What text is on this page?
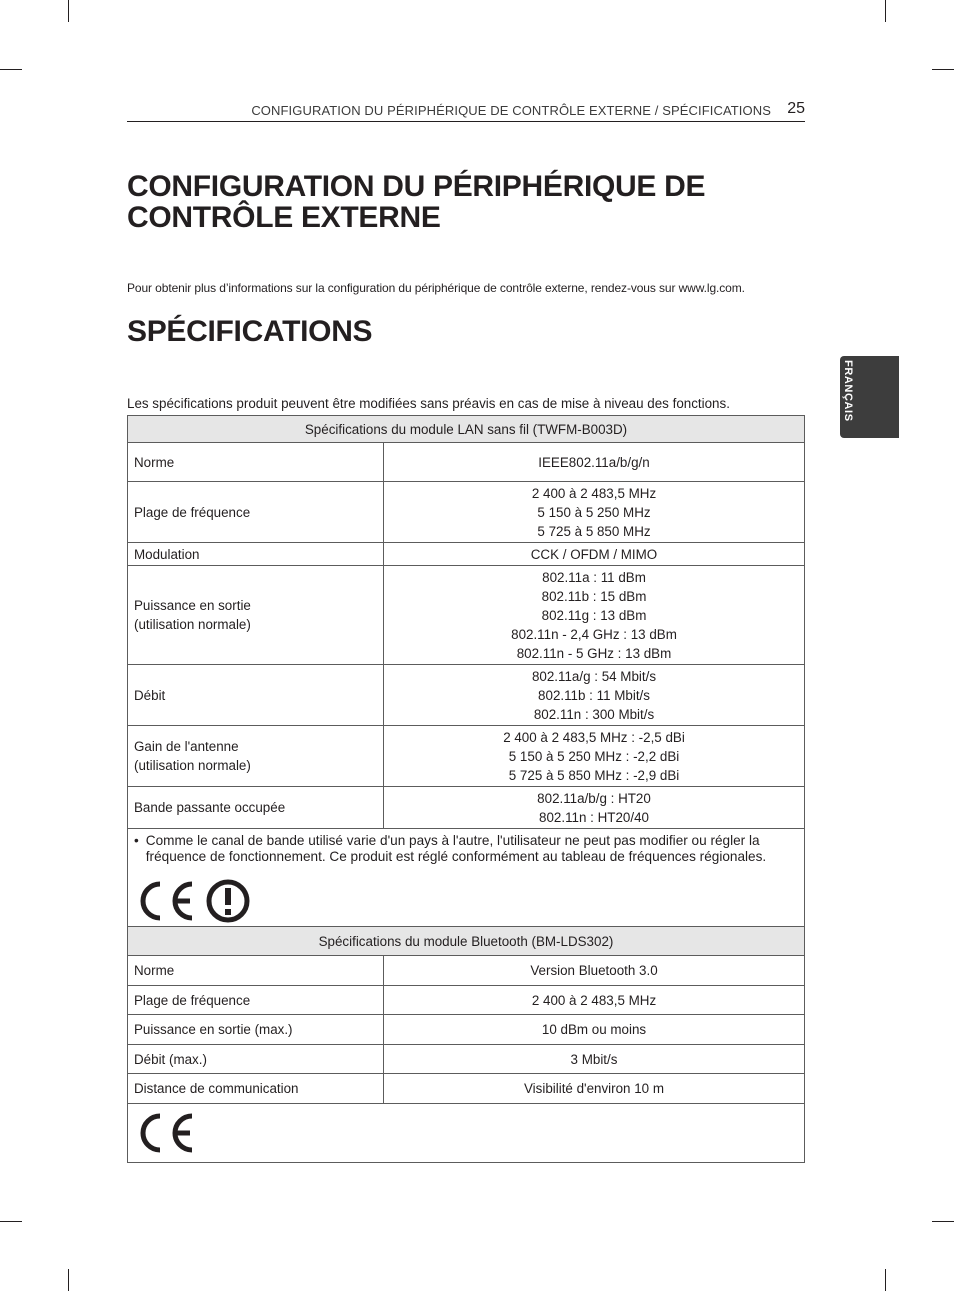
CONFIGURATION DU PÉRIPHÉRIQUE DE CONTRÔLE EXTERNE / SPÉCIFICATIONS 25
FRANÇAIS
CONFIGURATION DU PÉRIPHÉRIQUE DE
CONTRÔLE EXTERNE

Pour obtenir plus d’informations sur la configuration du périphérique de contrôle externe, rendez-vous sur www.lg.com.

SPÉCIFICATIONS

Les spécifications produit peuvent être modifiées sans préavis en cas de mise à niveau des fonctions.

Spécifications du module LAN sans fil (TWFM-B003D)	

Norme	IEEE802.11a/b/g/n

Plage de fréquence	2 400 à 2 483,5 MHz
5 150 à 5 250 MHz
5 725 à 5 850 MHz

Modulation	CCK / OFDM / MIMO

Puissance en sortie
(utilisation normale)	802.11a : 11 dBm
802.11b : 15 dBm
802.11g : 13 dBm
802.11n - 2,4 GHz : 13 dBm
802.11n - 5 GHz : 13 dBm

Débit	802.11a/g : 54 Mbit/s
802.11b : 11 Mbit/s
802.11n : 300 Mbit/s

Gain de l'antenne
(utilisation normale)	2 400 à 2 483,5 MHz : -2,5 dBi
5 150 à 5 250 MHz : -2,2 dBi
5 725 à 5 850 MHz : -2,9 dBi

Bande passante occupée	802.11a/b/g : HT20
802.11n : HT20/40

• Comme le canal de bande utilisé varie d'un pays à l'autre, l'utilisateur ne peut pas modifier ou régler la fréquence de fonctionnement. Ce produit est réglé conformément au tableau de fréquences régionales.	
Spécifications du module Bluetooth (BM-LDS302)	

Norme	Version Bluetooth 3.0

Plage de fréquence	2 400 à 2 483,5 MHz

Puissance en sortie (max.)	10 dBm ou moins

Débit (max.)	3 Mbit/s

Distance de communication	Visibilité d'environ 10 m
